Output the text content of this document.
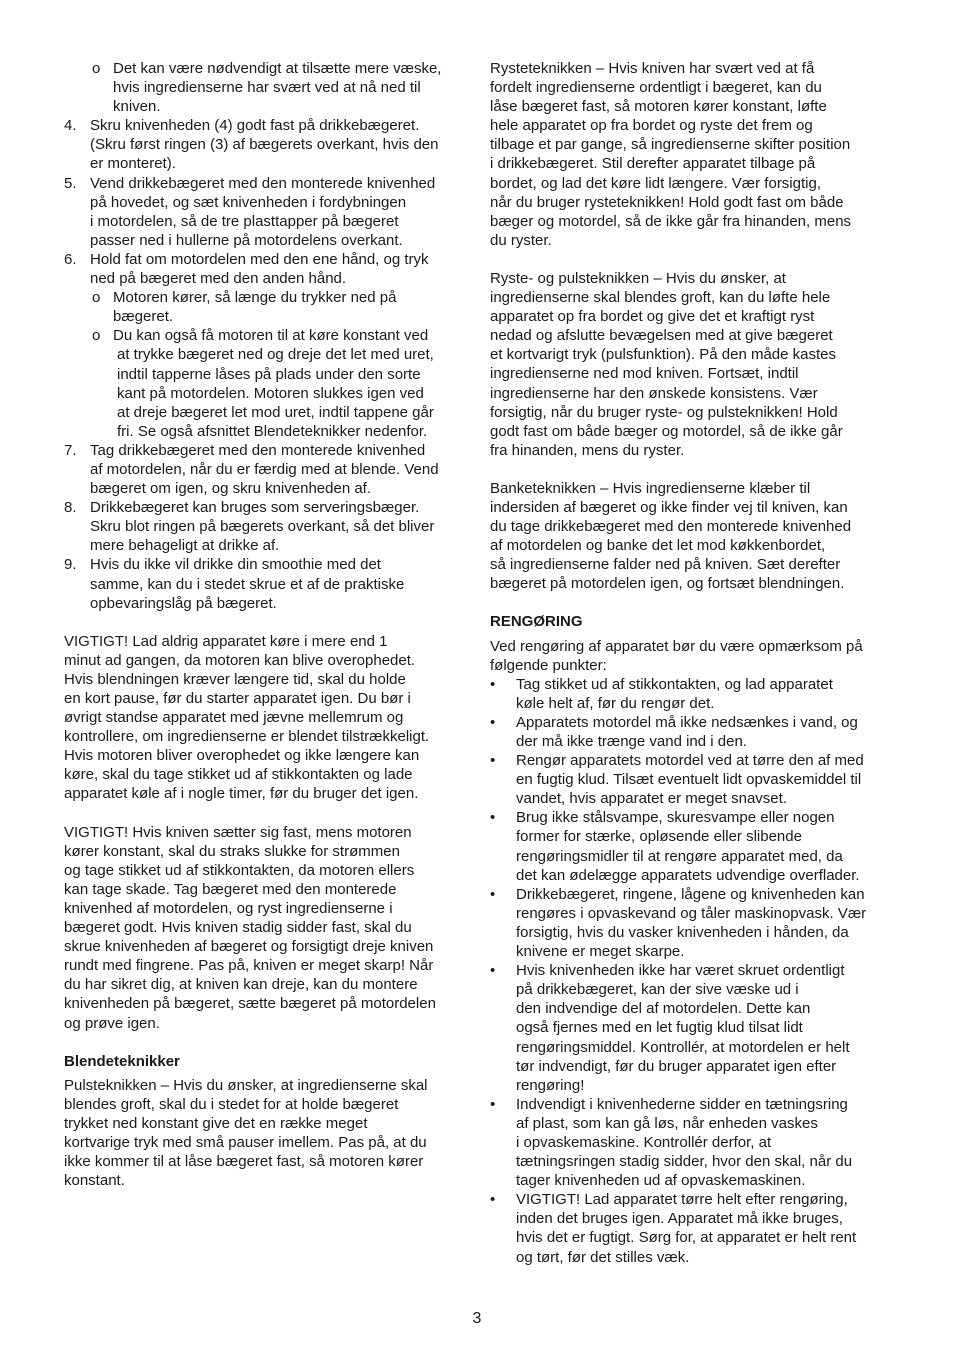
o Det kan være nødvendigt at tilsætte mere væske,
hvis ingredienserne har svært ved at nå ned til
kniven.
4. Skru knivenheden (4) godt fast på drikkebægeret.
(Skru først ringen (3) af bægerets overkant, hvis den
er monteret).
5. Vend drikkebægeret med den monterede knivenhed
på hovedet, og sæt knivenheden i fordybningen
i motordelen, så de tre plasttapper på bægeret
passer ned i hullerne på motordelens overkant.
6. Hold fat om motordelen med den ene hånd, og tryk
ned på bægeret med den anden hånd.
o Motoren kører, så længe du trykker ned på
bægeret.
o Du kan også få motoren til at køre konstant ved
at trykke bægeret ned og dreje det let med uret,
indtil tapperne låses på plads under den sorte
kant på motordelen. Motoren slukkes igen ved
at dreje bægeret let mod uret, indtil tappene går
fri. Se også afsnittet Blendeteknikker nedenfor.
7. Tag drikkebægeret med den monterede knivenhed
af motordelen, når du er færdig med at blende. Vend
bægeret om igen, og skru knivenheden af.
8. Drikkebægeret kan bruges som serveringsbæger.
Skru blot ringen på bægerets overkant, så det bliver
mere behageligt at drikke af.
9. Hvis du ikke vil drikke din smoothie med det
samme, kan du i stedet skrue et af de praktiske
opbevaringslåg på bægeret.
VIGTIGT! Lad aldrig apparatet køre i mere end 1
minut ad gangen, da motoren kan blive overophedet.
Hvis blendningen kræver længere tid, skal du holde
en kort pause, før du starter apparatet igen. Du bør i
øvrigt standse apparatet med jævne mellemrum og
kontrollere, om ingredienserne er blendet tilstrækkeligt.
Hvis motoren bliver overophedet og ikke længere kan
køre, skal du tage stikket ud af stikkontakten og lade
apparatet køle af i nogle timer, før du bruger det igen.
VIGTIGT! Hvis kniven sætter sig fast, mens motoren
kører konstant, skal du straks slukke for strømmen
og tage stikket ud af stikkontakten, da motoren ellers
kan tage skade. Tag bægeret med den monterede
knivenhed af motordelen, og ryst ingredienserne i
bægeret godt. Hvis kniven stadig sidder fast, skal du
skrue knivenheden af bægeret og forsigtigt dreje kniven
rundt med fingrene. Pas på, kniven er meget skarp! Når
du har sikret dig, at kniven kan dreje, kan du montere
knivenheden på bægeret, sætte bægeret på motordelen
og prøve igen.
Blendeteknikker
Pulsteknikken – Hvis du ønsker, at ingredienserne skal
blendes groft, skal du i stedet for at holde bægeret
trykket ned konstant give det en række meget
kortvarige tryk med små pauser imellem. Pas på, at du
ikke kommer til at låse bægeret fast, så motoren kører
konstant.
Rysteteknikken – Hvis kniven har svært ved at få
fordelt ingredienserne ordentligt i bægeret, kan du
låse bægeret fast, så motoren kører konstant, løfte
hele apparatet op fra bordet og ryste det frem og
tilbage et par gange, så ingredienserne skifter position
i drikkebægeret. Stil derefter apparatet tilbage på
bordet, og lad det køre lidt længere. Vær forsigtig,
når du bruger rysteteknikken! Hold godt fast om både
bæger og motordel, så de ikke går fra hinanden, mens
du ryster.
Ryste- og pulsteknikken – Hvis du ønsker, at
ingredienserne skal blendes groft, kan du løfte hele
apparatet op fra bordet og give det et kraftigt ryst
nedad og afslutte bevægelsen med at give bægeret
et kortvarigt tryk (pulsfunktion). På den måde kastes
ingredienserne ned mod kniven. Fortsæt, indtil
ingredienserne har den ønskede konsistens. Vær
forsigtig, når du bruger ryste- og pulsteknikken! Hold
godt fast om både bæger og motordel, så de ikke går
fra hinanden, mens du ryster.
Banketeknikken – Hvis ingredienserne klæber til
indersiden af bægeret og ikke finder vej til kniven, kan
du tage drikkebægeret med den monterede knivenhed
af motordelen og banke det let mod køkkenbordet,
så ingredienserne falder ned på kniven. Sæt derefter
bægeret på motordelen igen, og fortsæt blendningen.
RENGØRING
Ved rengøring af apparatet bør du være opmærksom på
følgende punkter:
•	Tag stikket ud af stikkontakten, og lad apparatet
køle helt af, før du rengør det.
•	Apparatets motordel må ikke nedsænkes i vand, og
der må ikke trænge vand ind i den.
•	Rengør apparatets motordel ved at tørre den af med
en fugtig klud. Tilsæt eventuelt lidt opvaskemiddel til
vandet, hvis apparatet er meget snavset.
•	Brug ikke stålsvampe, skuresvampe eller nogen
former for stærke, opløsende eller slibende
rengøringsmidler til at rengøre apparatet med, da
det kan ødelægge apparatets udvendige overflader.
•	Drikkebægeret, ringene, lågene og knivenheden kan
rengøres i opvaskevand og tåler maskinopvask. Vær
forsigtig, hvis du vasker knivenheden i hånden, da
knivene er meget skarpe.
•	Hvis knivenheden ikke har været skruet ordentligt
på drikkebægeret, kan der sive væske ud i
den indvendige del af motordelen. Dette kan
også fjernes med en let fugtig klud tilsat lidt
rengøringsmiddel. Kontrollér, at motordelen er helt
tør indvendigt, før du bruger apparatet igen efter
rengøring!
•	Indvendigt i knivenhederne sidder en tætningsring
af plast, som kan gå løs, når enheden vaskes
i opvaskemaskine. Kontrollér derfor, at
tætningsringen stadig sidder, hvor den skal, når du
tager knivenheden ud af opvaskemaskinen.
•	VIGTIGT! Lad apparatet tørre helt efter rengøring,
inden det bruges igen. Apparatet må ikke bruges,
hvis det er fugtigt. Sørg for, at apparatet er helt rent
og tørt, før det stilles væk.
3
